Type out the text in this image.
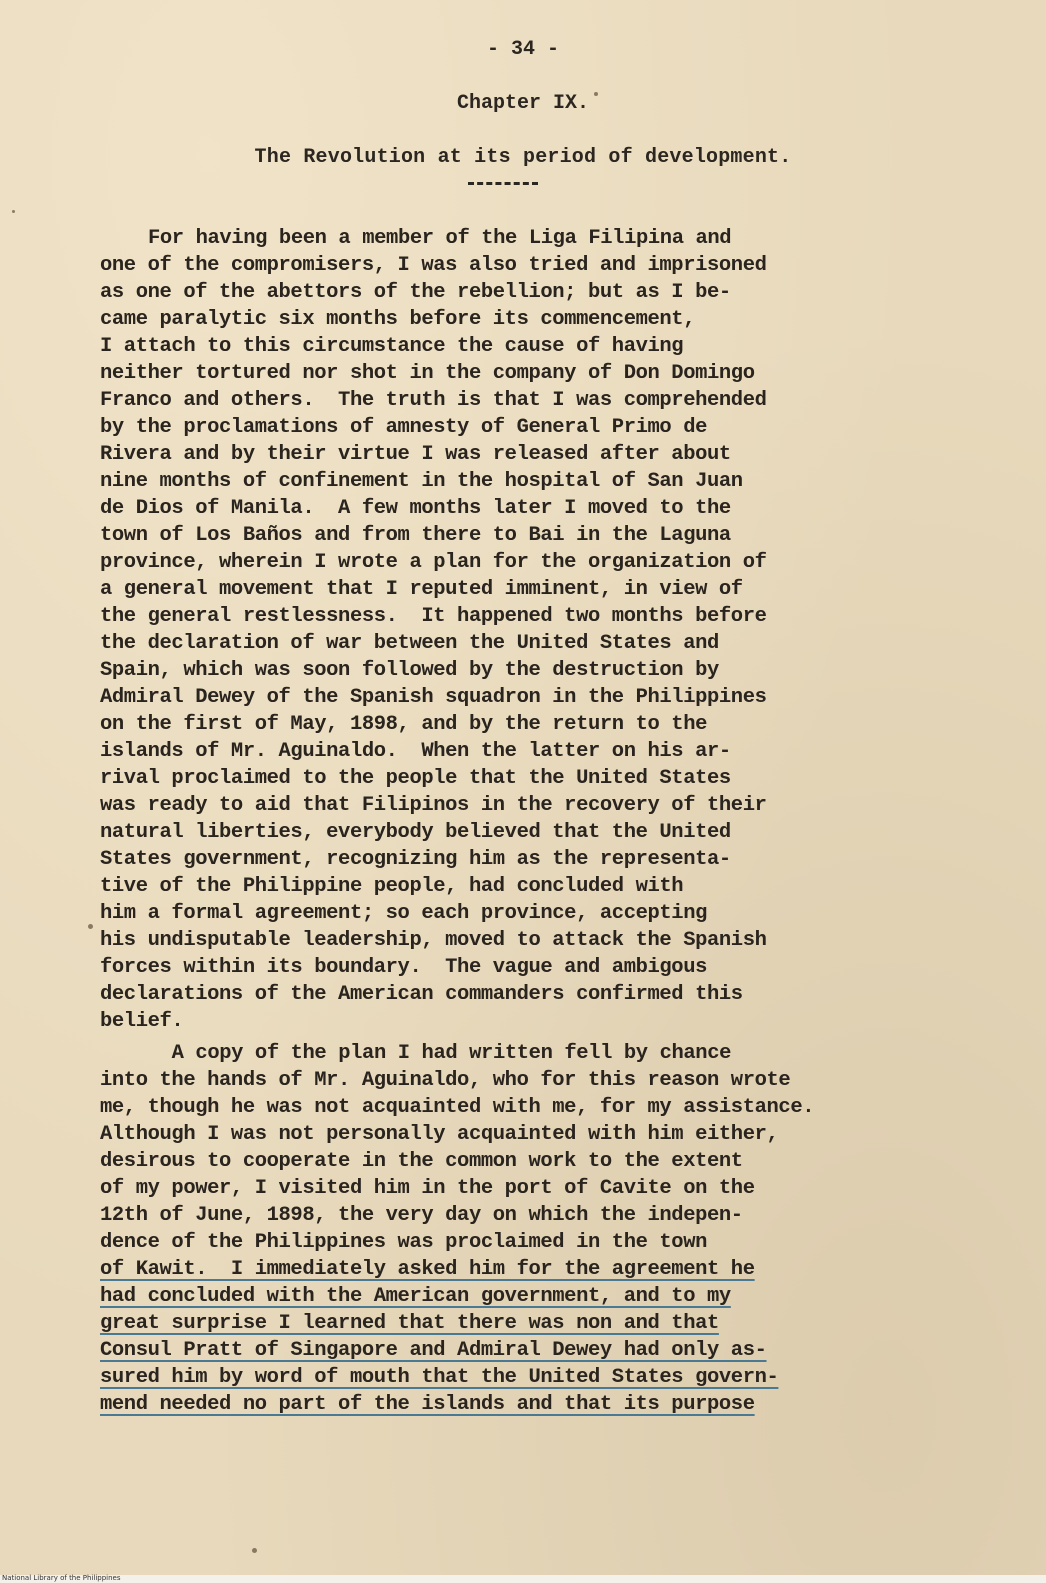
- 34 -
Chapter IX.
The Revolution at its period of development.
For having been a member of the Liga Filipina and
one of the compromisers, I was also tried and imprisoned
as one of the abettors of the rebellion; but as I be-
came paralytic six months before its commencement,
I attach to this circumstance the cause of having
neither tortured nor shot in the company of Don Domingo
Franco and others.  The truth is that I was comprehended
by the proclamations of amnesty of General Primo de
Rivera and by their virtue I was released after about
nine months of confinement in the hospital of San Juan
de Dios of Manila.  A few months later I moved to the
town of Los Baños and from there to Bai in the Laguna
province, wherein I wrote a plan for the organization of
a general movement that I reputed imminent, in view of
the general restlessness.  It happened two months before
the declaration of war between the United States and
Spain, which was soon followed by the destruction by
Admiral Dewey of the Spanish squadron in the Philippines
on the first of May, 1898, and by the return to the
islands of Mr. Aguinaldo.  When the latter on his ar-
rival proclaimed to the people that the United States
was ready to aid that Filipinos in the recovery of their
natural liberties, everybody believed that the United
States government, recognizing him as the representa-
tive of the Philippine people, had concluded with
him a formal agreement; so each province, accepting
his undisputable leadership, moved to attack the Spanish
forces within its boundary.  The vague and ambigous
declarations of the American commanders confirmed this
belief.
A copy of the plan I had written fell by chance
into the hands of Mr. Aguinaldo, who for this reason wrote
me, though he was not acquainted with me, for my assistance.
Although I was not personally acquainted with him either,
desirous to cooperate in the common work to the extent
of my power, I visited him in the port of Cavite on the
12th of June, 1898, the very day on which the indepen-
dence of the Philippines was proclaimed in the town
of Kawit.  I immediately asked him for the agreement he
had concluded with the American government, and to my
great surprise I learned that there was non and that
Consul Pratt of Singapore and Admiral Dewey had only as-
sured him by word of mouth that the United States govern-
mend needed no part of the islands and that its purpose
National Library of the Philippines
